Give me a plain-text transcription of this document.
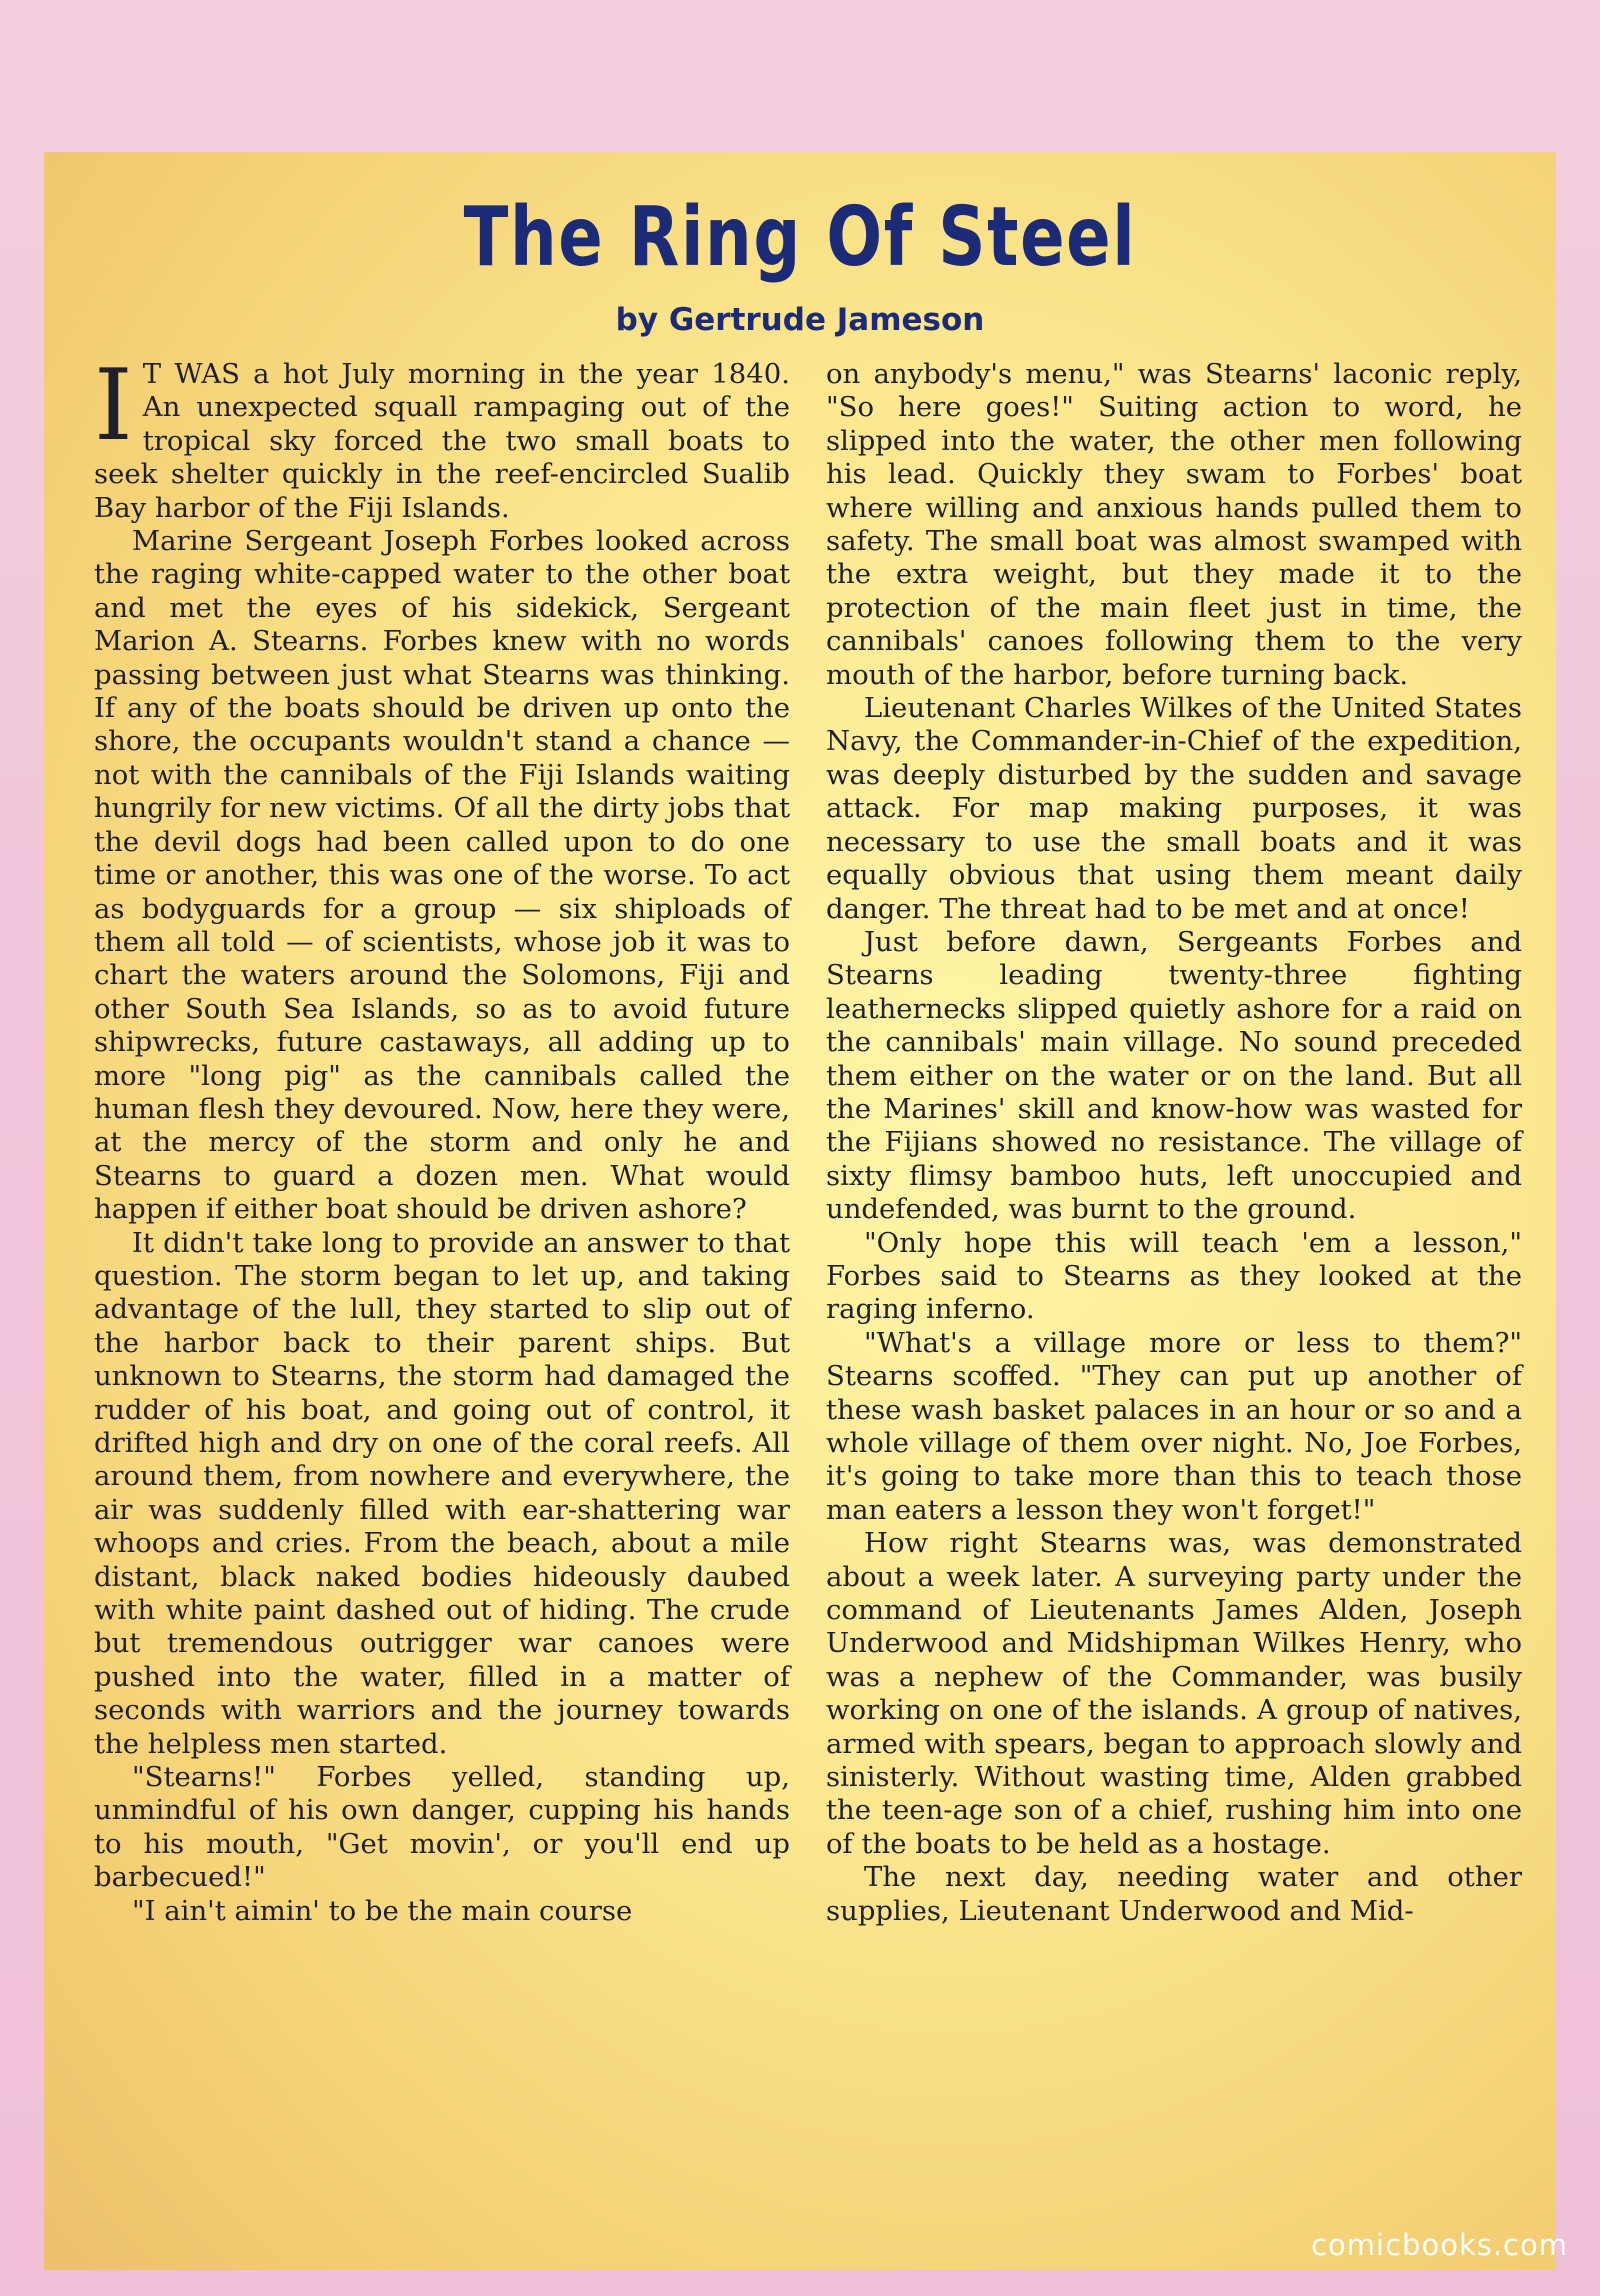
The Ring Of Steel
by Gertrude Jameson

I T WAS a hot July morning in the year 1840. An unexpected squall rampaging out of the tropical sky forced the two small boats to seek shelter quickly in the reef-encircled Sualib Bay harbor of the Fiji Islands.

Marine Sergeant Joseph Forbes looked across the raging white-capped water to the other boat and met the eyes of his sidekick, Sergeant Marion A. Stearns. Forbes knew with no words passing between just what Stearns was thinking. If any of the boats should be driven up onto the shore, the occupants wouldn't stand a chance — not with the cannibals of the Fiji Islands waiting hungrily for new victims. Of all the dirty jobs that the devil dogs had been called upon to do one time or another, this was one of the worse. To act as bodyguards for a group — six shiploads of them all told — of scientists, whose job it was to chart the waters around the Solomons, Fiji and other South Sea Islands, so as to avoid future shipwrecks, future castaways, all adding up to more "long pig" as the cannibals called the human flesh they devoured. Now, here they were, at the mercy of the storm and only he and Stearns to guard a dozen men. What would happen if either boat should be driven ashore?

It didn't take long to provide an answer to that question. The storm began to let up, and taking advantage of the lull, they started to slip out of the harbor back to their parent ships. But unknown to Stearns, the storm had damaged the rudder of his boat, and going out of control, it drifted high and dry on one of the coral reefs. All around them, from nowhere and everywhere, the air was suddenly filled with ear-shattering war whoops and cries. From the beach, about a mile distant, black naked bodies hideously daubed with white paint dashed out of hiding. The crude but tremendous outrigger war canoes were pushed into the water, filled in a matter of seconds with warriors and the journey towards the helpless men started.

"Stearns!" Forbes yelled, standing up, unmindful of his own danger, cupping his hands to his mouth, "Get movin', or you'll end up barbecued!"

"I ain't aimin' to be the main course

on anybody's menu," was Stearns' laconic reply, "So here goes!" Suiting action to word, he slipped into the water, the other men following his lead. Quickly they swam to Forbes' boat where willing and anxious hands pulled them to safety. The small boat was almost swamped with the extra weight, but they made it to the protection of the main fleet just in time, the cannibals' canoes following them to the very mouth of the harbor, before turning back.

Lieutenant Charles Wilkes of the United States Navy, the Commander-in-Chief of the expedition, was deeply disturbed by the sudden and savage attack. For map making purposes, it was necessary to use the small boats and it was equally obvious that using them meant daily danger. The threat had to be met and at once!

Just before dawn, Sergeants Forbes and Stearns leading twenty-three fighting leathernecks slipped quietly ashore for a raid on the cannibals' main village. No sound preceded them either on the water or on the land. But all the Marines' skill and know-how was wasted for the Fijians showed no resistance. The village of sixty flimsy bamboo huts, left unoccupied and undefended, was burnt to the ground.

"Only hope this will teach 'em a lesson," Forbes said to Stearns as they looked at the raging inferno.

"What's a village more or less to them?" Stearns scoffed. "They can put up another of these wash basket palaces in an hour or so and a whole village of them over night. No, Joe Forbes, it's going to take more than this to teach those man eaters a lesson they won't forget!"

How right Stearns was, was demonstrated about a week later. A surveying party under the command of Lieutenants James Alden, Joseph Underwood and Midshipman Wilkes Henry, who was a nephew of the Commander, was busily working on one of the islands. A group of natives, armed with spears, began to approach slowly and sinisterly. Without wasting time, Alden grabbed the teen-age son of a chief, rushing him into one of the boats to be held as a hostage.

The next day, needing water and other supplies, Lieutenant Underwood and Mid-

comicbooks.com
